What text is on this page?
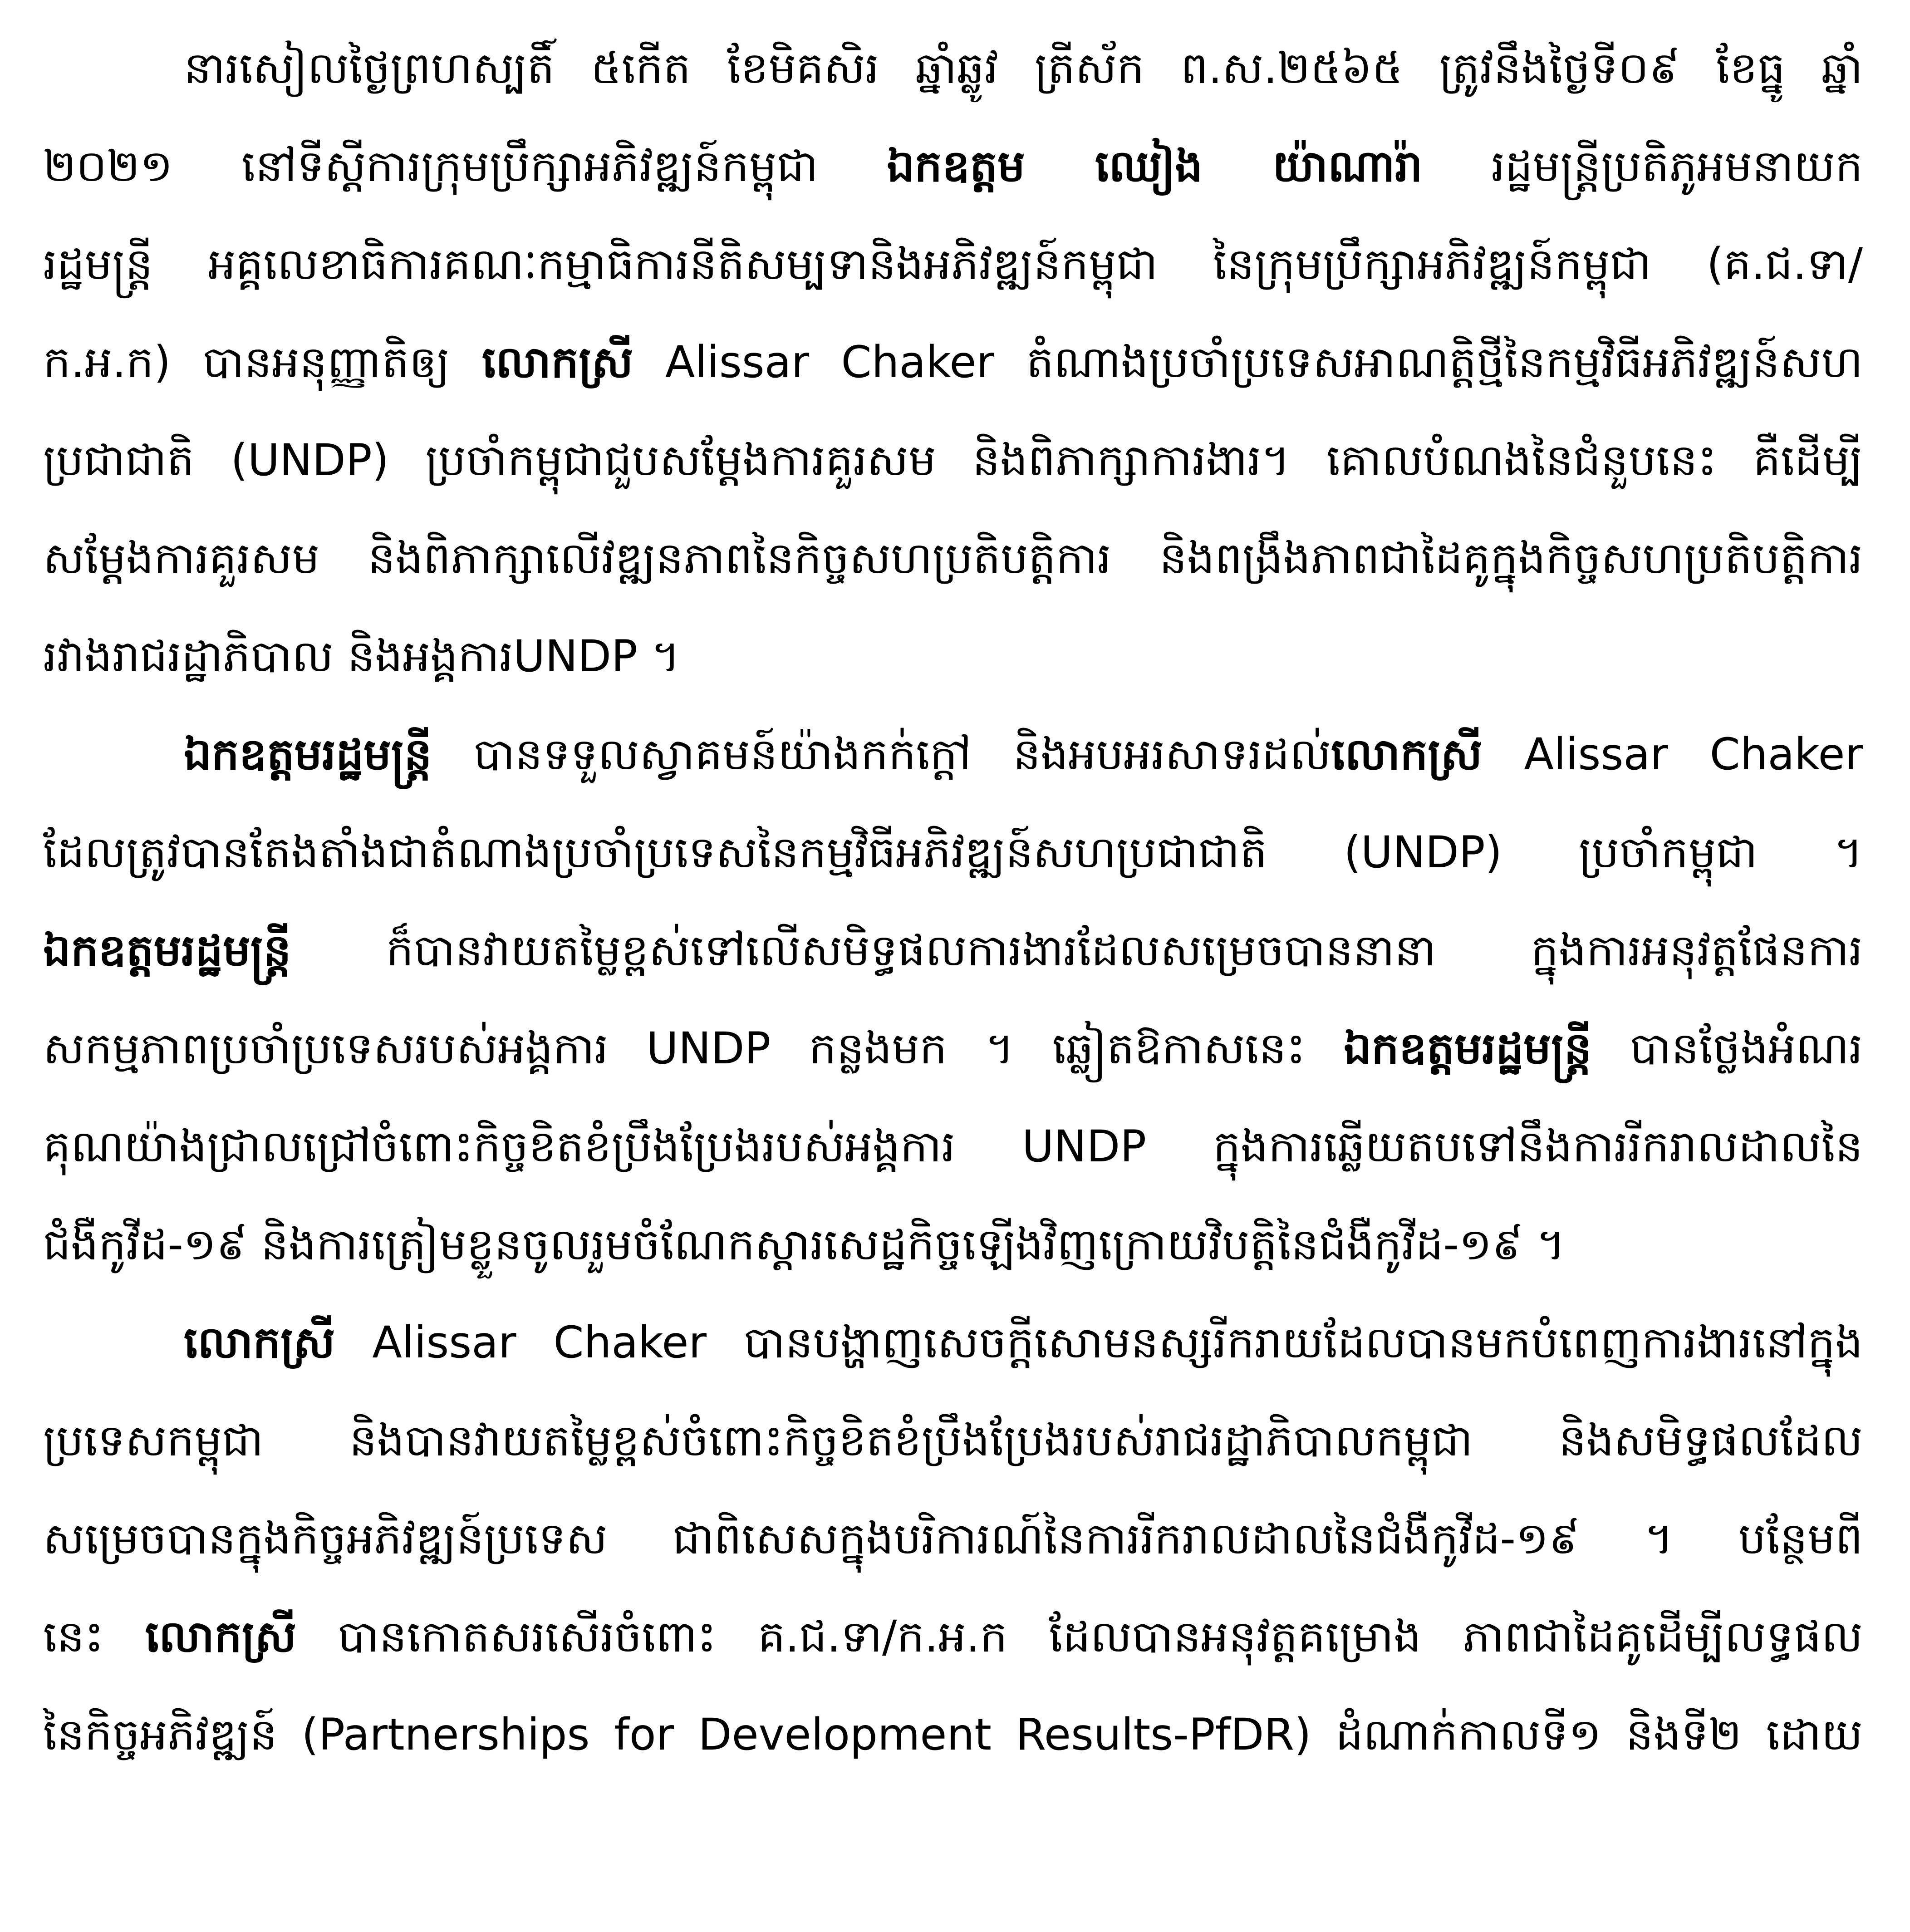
នារសៀលថ្ងៃព្រហស្បតិ៍ ៥កើត ខែមិគសិរ ឆ្នាំឆ្លូវ ត្រីស័ក ព.ស.២៥៦៥ ត្រូវនឹងថ្ងៃទី០៩ ខែធ្នូ ឆ្នាំ
២០២១ នៅទីស្តីការក្រុមប្រឹក្សាអភិវឌ្ឍន៍កម្ពុជា ឯកឧត្តម ឈៀង យ៉ាណារ៉ា រដ្ឋមន្ត្រីប្រតិភូអមនាយក
រដ្ឋមន្ត្រី អគ្គលេខាធិការគណៈកម្មាធិការនីតិសម្បទានិងអភិវឌ្ឍន៍កម្ពុជា នៃក្រុមប្រឹក្សាអភិវឌ្ឍន៍កម្ពុជា (គ.ជ.ទា/
ក.អ.ក) បានអនុញ្ញាតិឲ្យ លោកស្រី Alissar Chaker តំណាងប្រចាំប្រទេសអាណត្តិថ្មីនៃកម្មវិធីអភិវឌ្ឍន៍សហ
ប្រជាជាតិ (UNDP) ប្រចាំកម្ពុជាជួបសម្តែងការគួរសម និងពិភាក្សាការងារ។ គោលបំណងនៃជំនួបនេះ គឺដើម្បី
សម្តែងការគួរសម និងពិភាក្សាលើវឌ្ឍនភាពនៃកិច្ចសហប្រតិបត្តិការ និងពង្រឹងភាពជាដៃគូក្នុងកិច្ចសហប្រតិបត្តិការ
រវាងរាជរដ្ឋាភិបាល និងអង្គការUNDP ។
ឯកឧត្តមរដ្ឋមន្ត្រី បានទទួលស្វាគមន៍យ៉ាងកក់ក្តៅ និងអបអរសាទរដល់លោកស្រី Alissar Chaker
ដែលត្រូវបានតែងតាំងជាតំណាងប្រចាំប្រទេសនៃកម្មវិធីអភិវឌ្ឍន៍សហប្រជាជាតិ (UNDP) ប្រចាំកម្ពុជា ។
ឯកឧត្តមរដ្ឋមន្ត្រី ក៏បានវាយតម្លៃខ្ពស់ទៅលើសមិទ្ធផលការងារដែលសម្រេចបាននានា ក្នុងការអនុវត្តផែនការ
សកម្មភាពប្រចាំប្រទេសរបស់អង្គការ UNDP កន្លងមក ។ ឆ្លៀតឱកាសនេះ ឯកឧត្តមរដ្ឋមន្ត្រី បានថ្លែងអំណរ
គុណយ៉ាងជ្រាលជ្រៅចំពោះកិច្ចខិតខំប្រឹងប្រែងរបស់អង្គការ UNDP ក្នុងការឆ្លើយតបទៅនឹងការរីករាលដាលនៃ
ជំងឺកូវីដ-១៩ និងការត្រៀមខ្លួនចូលរួមចំណែកស្តារសេដ្ឋកិច្ចឡើងវិញក្រោយវិបត្តិនៃជំងឺកូវីដ-១៩ ។
លោកស្រី Alissar Chaker បានបង្ហាញសេចក្តីសោមនស្សរីករាយដែលបានមកបំពេញការងារនៅក្នុង
ប្រទេសកម្ពុជា និងបានវាយតម្លៃខ្ពស់ចំពោះកិច្ចខិតខំប្រឹងប្រែងរបស់រាជរដ្ឋាភិបាលកម្ពុជា និងសមិទ្ធផលដែល
សម្រេចបានក្នុងកិច្ចអភិវឌ្ឍន៍ប្រទេស ជាពិសេសក្នុងបរិការណ៍នៃការរីករាលដាលនៃជំងឺកូវីដ-១៩ ។ បន្ថែមពី
នេះ លោកស្រី បានកោតសរសើរចំពោះ គ.ជ.ទា/ក.អ.ក ដែលបានអនុវត្តគម្រោង ភាពជាដៃគូដើម្បីលទ្ធផល
នៃកិច្ចអភិវឌ្ឍន៍ (Partnerships for Development Results-PfDR) ដំណាក់កាលទី១ និងទី២ ដោយ
